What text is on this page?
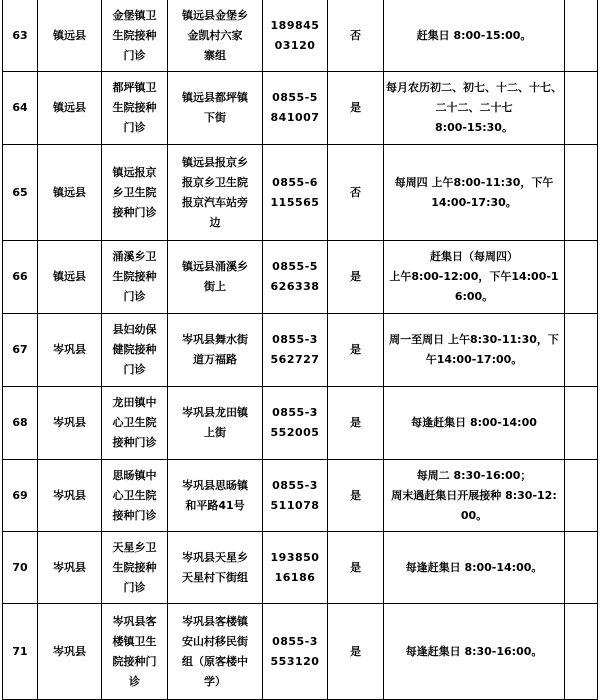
63	镇远县	金堡镇卫
生院接种
门诊	镇远县金堡乡
金凯村六家
寨组	189845
03120	否	赶集日 8:00-15:00。	

64	镇远县	都坪镇卫
生院接种
门诊	镇远县都坪镇
下街	0855-5
841007	是	每月农历初二、初七、十二、十七、
二十二、二十七
8:00-15:30。	

65	镇远县	镇远报京
乡卫生院
接种门诊	镇远县报京乡
报京乡卫生院
报京汽车站旁
边	0855-6
115565	否	每周四 上午8:00-11:30，下午
14:00-17:30。	

66	镇远县	涌溪乡卫
生院接种
门诊	镇远县涌溪乡
街上	0855-5
626338	是	赶集日（每周四）
上午8:00-12:00，下午14:00-1
6:00。	

67	岑巩县	县妇幼保
健院接种
门诊	岑巩县舞水街
道万福路	0855-3
562727	是	周一至周日 上午8:30-11:30，下
午14:00-17:00。	

68	岑巩县	龙田镇中
心卫生院
接种门诊	岑巩县龙田镇
上街	0855-3
552005	是	每逢赶集日 8:00-14:00	

69	岑巩县	思旸镇中
心卫生院
接种门诊	岑巩县思旸镇
和平路41号	0855-3
511078	是	每周二 8:30-16:00；
周末遇赶集日开展接种 8:30-12:
00。	

70	岑巩县	天星乡卫
生院接种
门诊	岑巩县天星乡
天星村下街组	193850
16186	是	每逢赶集日 8:00-14:00。	

71	岑巩县	岑巩县客
楼镇卫生
院接种门
诊	岑巩县客楼镇
安山村移民街
组（原客楼中
学）	0855-3
553120	是	每逢赶集日 8:30-16:00。	
